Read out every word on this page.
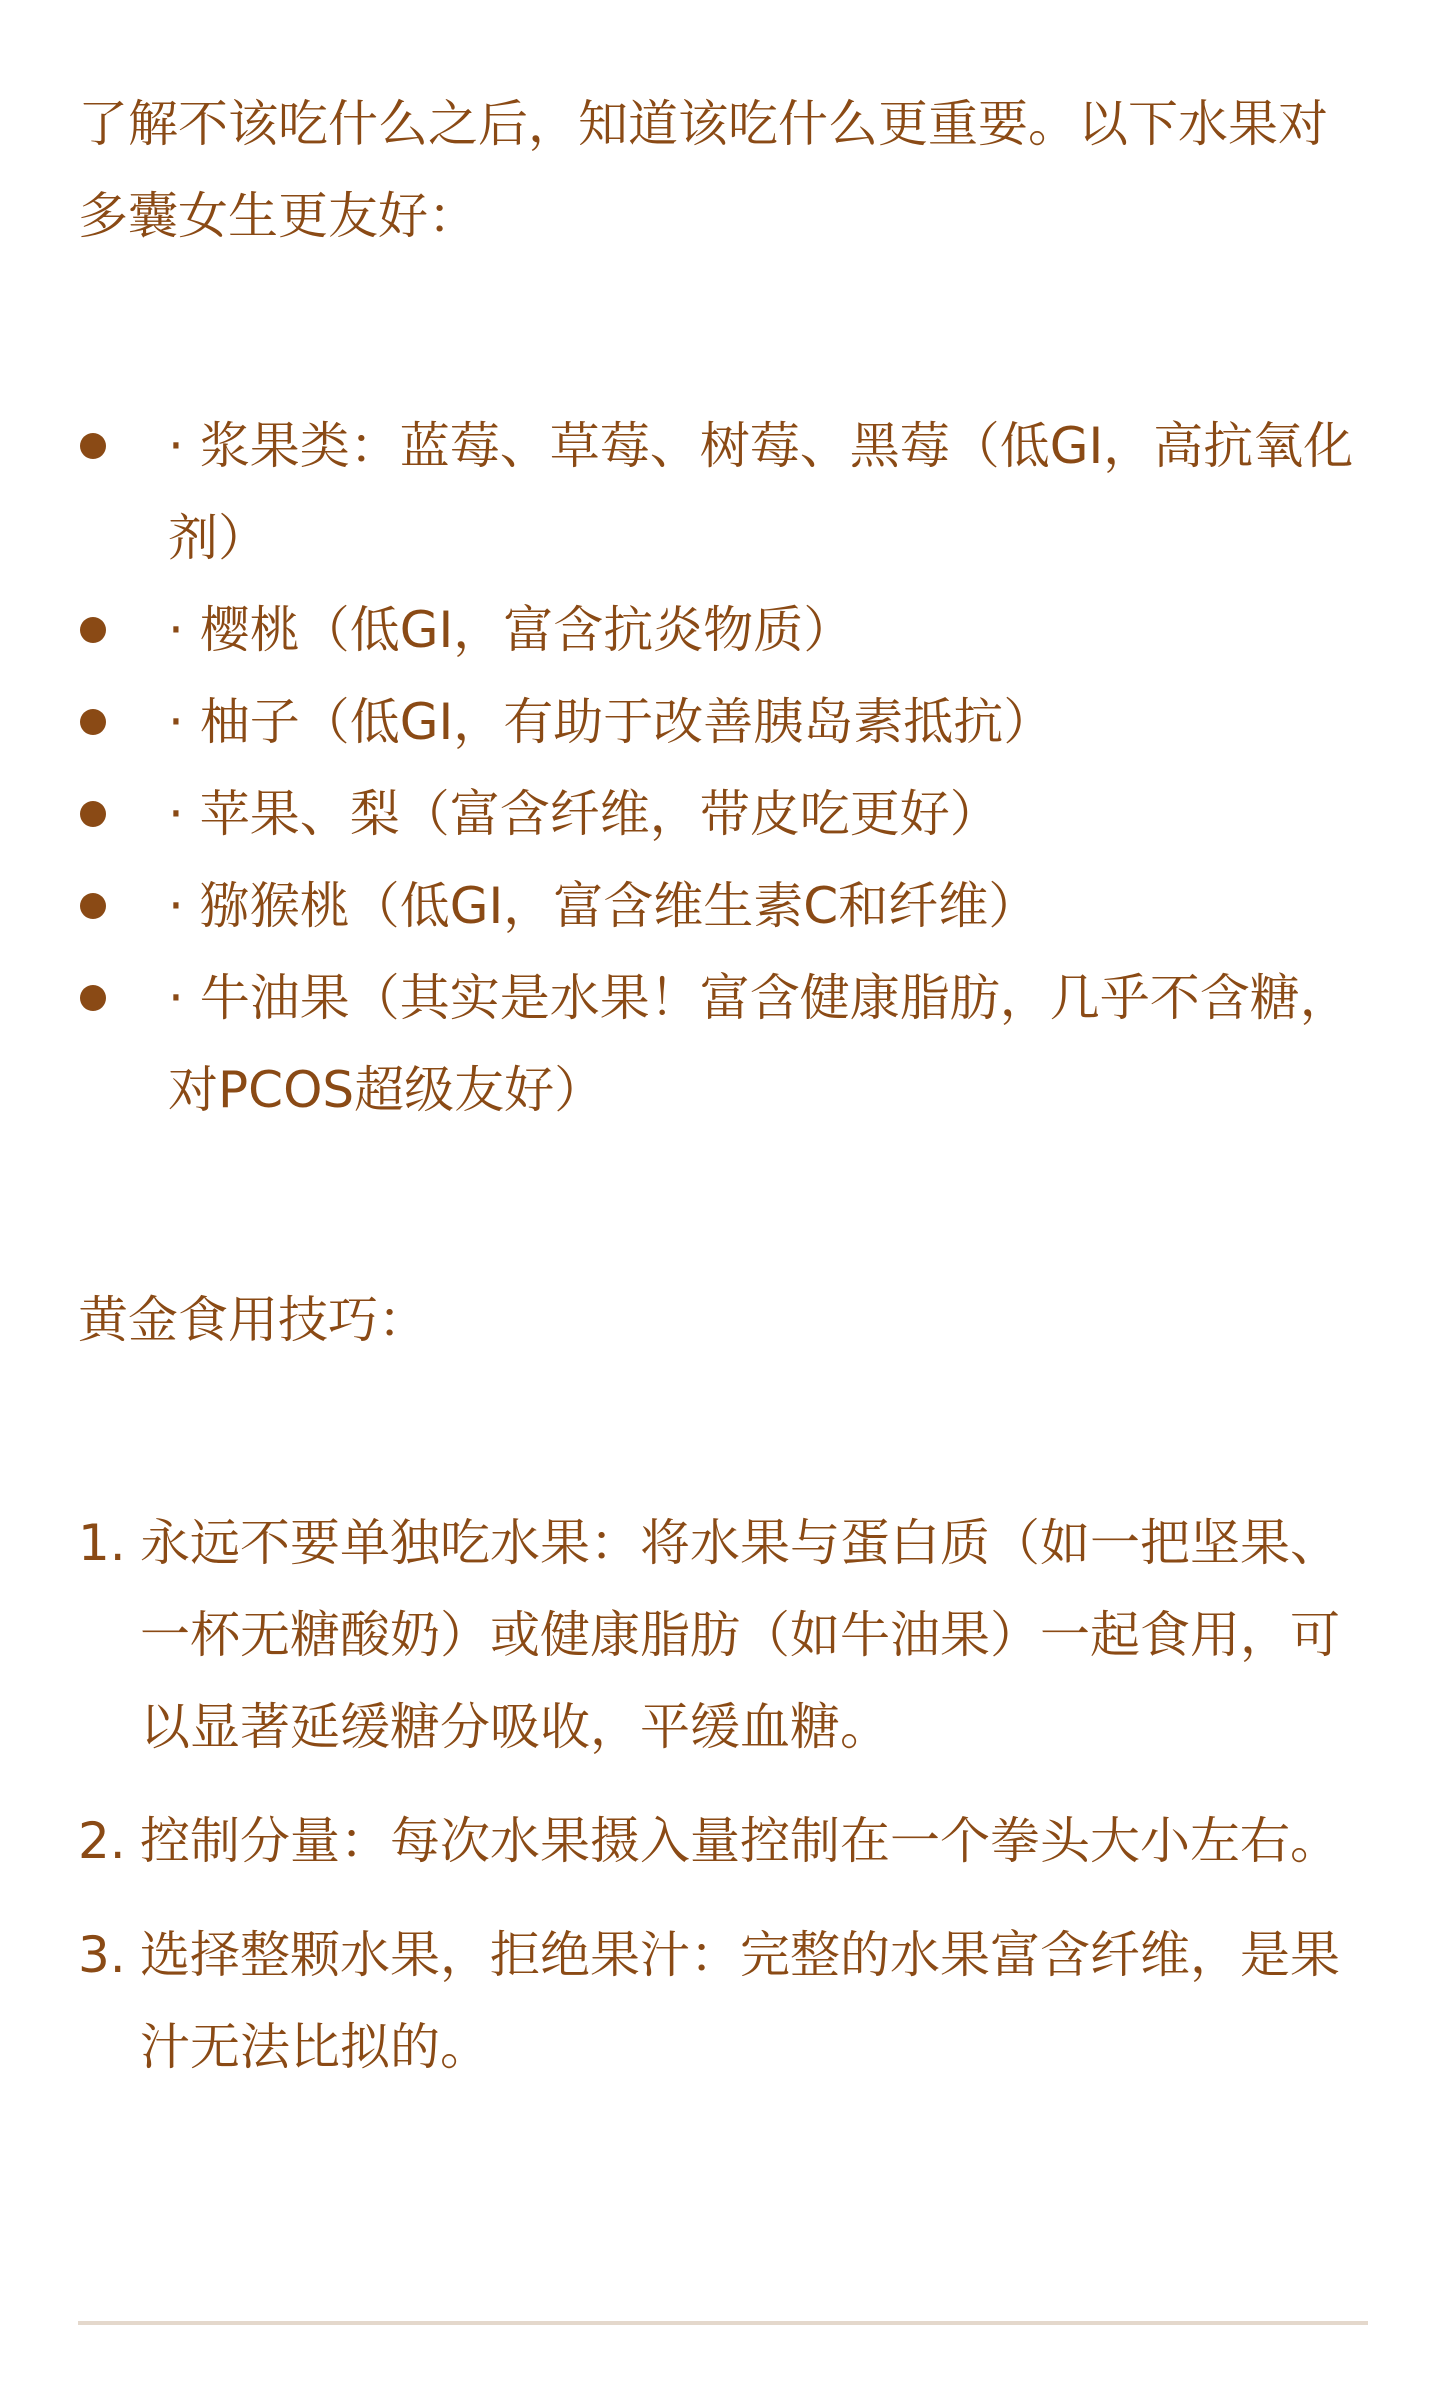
了解不该吃什么之后，知道该吃什么更重要。以下水果对多囊女生更友好：

· 浆果类：蓝莓、草莓、树莓、黑莓（低GI，高抗氧化剂）
· 樱桃（低GI，富含抗炎物质）
· 柚子（低GI，有助于改善胰岛素抵抗）
· 苹果、梨（富含纤维，带皮吃更好）
· 猕猴桃（低GI，富含维生素C和纤维）
· 牛油果（其实是水果！富含健康脂肪，几乎不含糖，对PCOS超级友好）
黄金食用技巧：
1. 永远不要单独吃水果：将水果与蛋白质（如一把坚果、一杯无糖酸奶）或健康脂肪（如牛油果）一起食用，可以显著延缓糖分吸收，平缓血糖。
2. 控制分量：每次水果摄入量控制在一个拳头大小左右。
3. 选择整颗水果，拒绝果汁：完整的水果富含纤维，是果汁无法比拟的。
